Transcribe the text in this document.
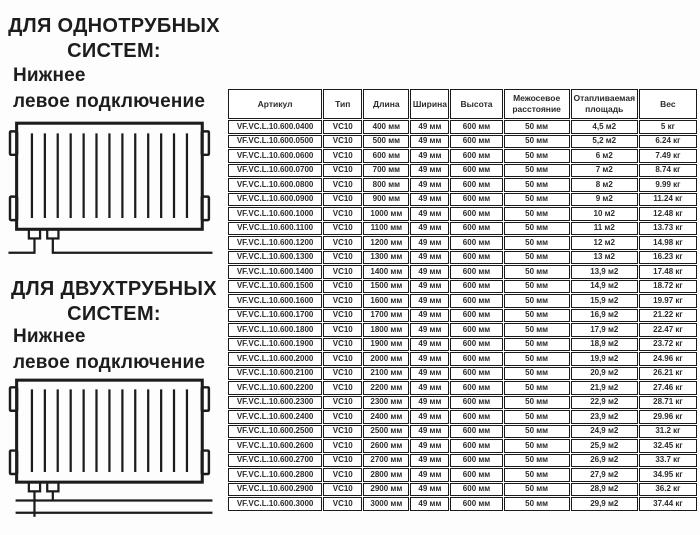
ДЛЯ ОДНОТРУБНЫХ
СИСТЕМ:
Нижнее
левое подключение
ДЛЯ ДВУХТРУБНЫХ
СИСТЕМ:
Нижнее
левое подключение
Артикул	Тип	Длина	Ширина	Высота	Межосевое расстояние	Отапливаемая площадь	Вес
VF.VC.L.10.600.0400	VC10	400 мм	49 мм	600 мм	50 мм	4,5 м2	5 кг
VF.VC.L.10.600.0500	VC10	500 мм	49 мм	600 мм	50 мм	5,2 м2	6.24 кг
VF.VC.L.10.600.0600	VC10	600 мм	49 мм	600 мм	50 мм	6 м2	7.49 кг
VF.VC.L.10.600.0700	VC10	700 мм	49 мм	600 мм	50 мм	7 м2	8.74 кг
VF.VC.L.10.600.0800	VC10	800 мм	49 мм	600 мм	50 мм	8 м2	9.99 кг
VF.VC.L.10.600.0900	VC10	900 мм	49 мм	600 мм	50 мм	9 м2	11.24 кг
VF.VC.L.10.600.1000	VC10	1000 мм	49 мм	600 мм	50 мм	10 м2	12.48 кг
VF.VC.L.10.600.1100	VC10	1100 мм	49 мм	600 мм	50 мм	11 м2	13.73 кг
VF.VC.L.10.600.1200	VC10	1200 мм	49 мм	600 мм	50 мм	12 м2	14.98 кг
VF.VC.L.10.600.1300	VC10	1300 мм	49 мм	600 мм	50 мм	13 м2	16.23 кг
VF.VC.L.10.600.1400	VC10	1400 мм	49 мм	600 мм	50 мм	13,9 м2	17.48 кг
VF.VC.L.10.600.1500	VC10	1500 мм	49 мм	600 мм	50 мм	14,9 м2	18.72 кг
VF.VC.L.10.600.1600	VC10	1600 мм	49 мм	600 мм	50 мм	15,9 м2	19.97 кг
VF.VC.L.10.600.1700	VC10	1700 мм	49 мм	600 мм	50 мм	16,9 м2	21.22 кг
VF.VC.L.10.600.1800	VC10	1800 мм	49 мм	600 мм	50 мм	17,9 м2	22.47 кг
VF.VC.L.10.600.1900	VC10	1900 мм	49 мм	600 мм	50 мм	18,9 м2	23.72 кг
VF.VC.L.10.600.2000	VC10	2000 мм	49 мм	600 мм	50 мм	19,9 м2	24.96 кг
VF.VC.L.10.600.2100	VC10	2100 мм	49 мм	600 мм	50 мм	20,9 м2	26.21 кг
VF.VC.L.10.600.2200	VC10	2200 мм	49 мм	600 мм	50 мм	21,9 м2	27.46 кг
VF.VC.L.10.600.2300	VC10	2300 мм	49 мм	600 мм	50 мм	22,9 м2	28.71 кг
VF.VC.L.10.600.2400	VC10	2400 мм	49 мм	600 мм	50 мм	23,9 м2	29.96 кг
VF.VC.L.10.600.2500	VC10	2500 мм	49 мм	600 мм	50 мм	24,9 м2	31.2 кг
VF.VC.L.10.600.2600	VC10	2600 мм	49 мм	600 мм	50 мм	25,9 м2	32.45 кг
VF.VC.L.10.600.2700	VC10	2700 мм	49 мм	600 мм	50 мм	26,9 м2	33.7 кг
VF.VC.L.10.600.2800	VC10	2800 мм	49 мм	600 мм	50 мм	27,9 м2	34.95 кг
VF.VC.L.10.600.2900	VC10	2900 мм	49 мм	600 мм	50 мм	28,9 м2	36.2 кг
VF.VC.L.10.600.3000	VC10	3000 мм	49 мм	600 мм	50 мм	29,9 м2	37.44 кг
